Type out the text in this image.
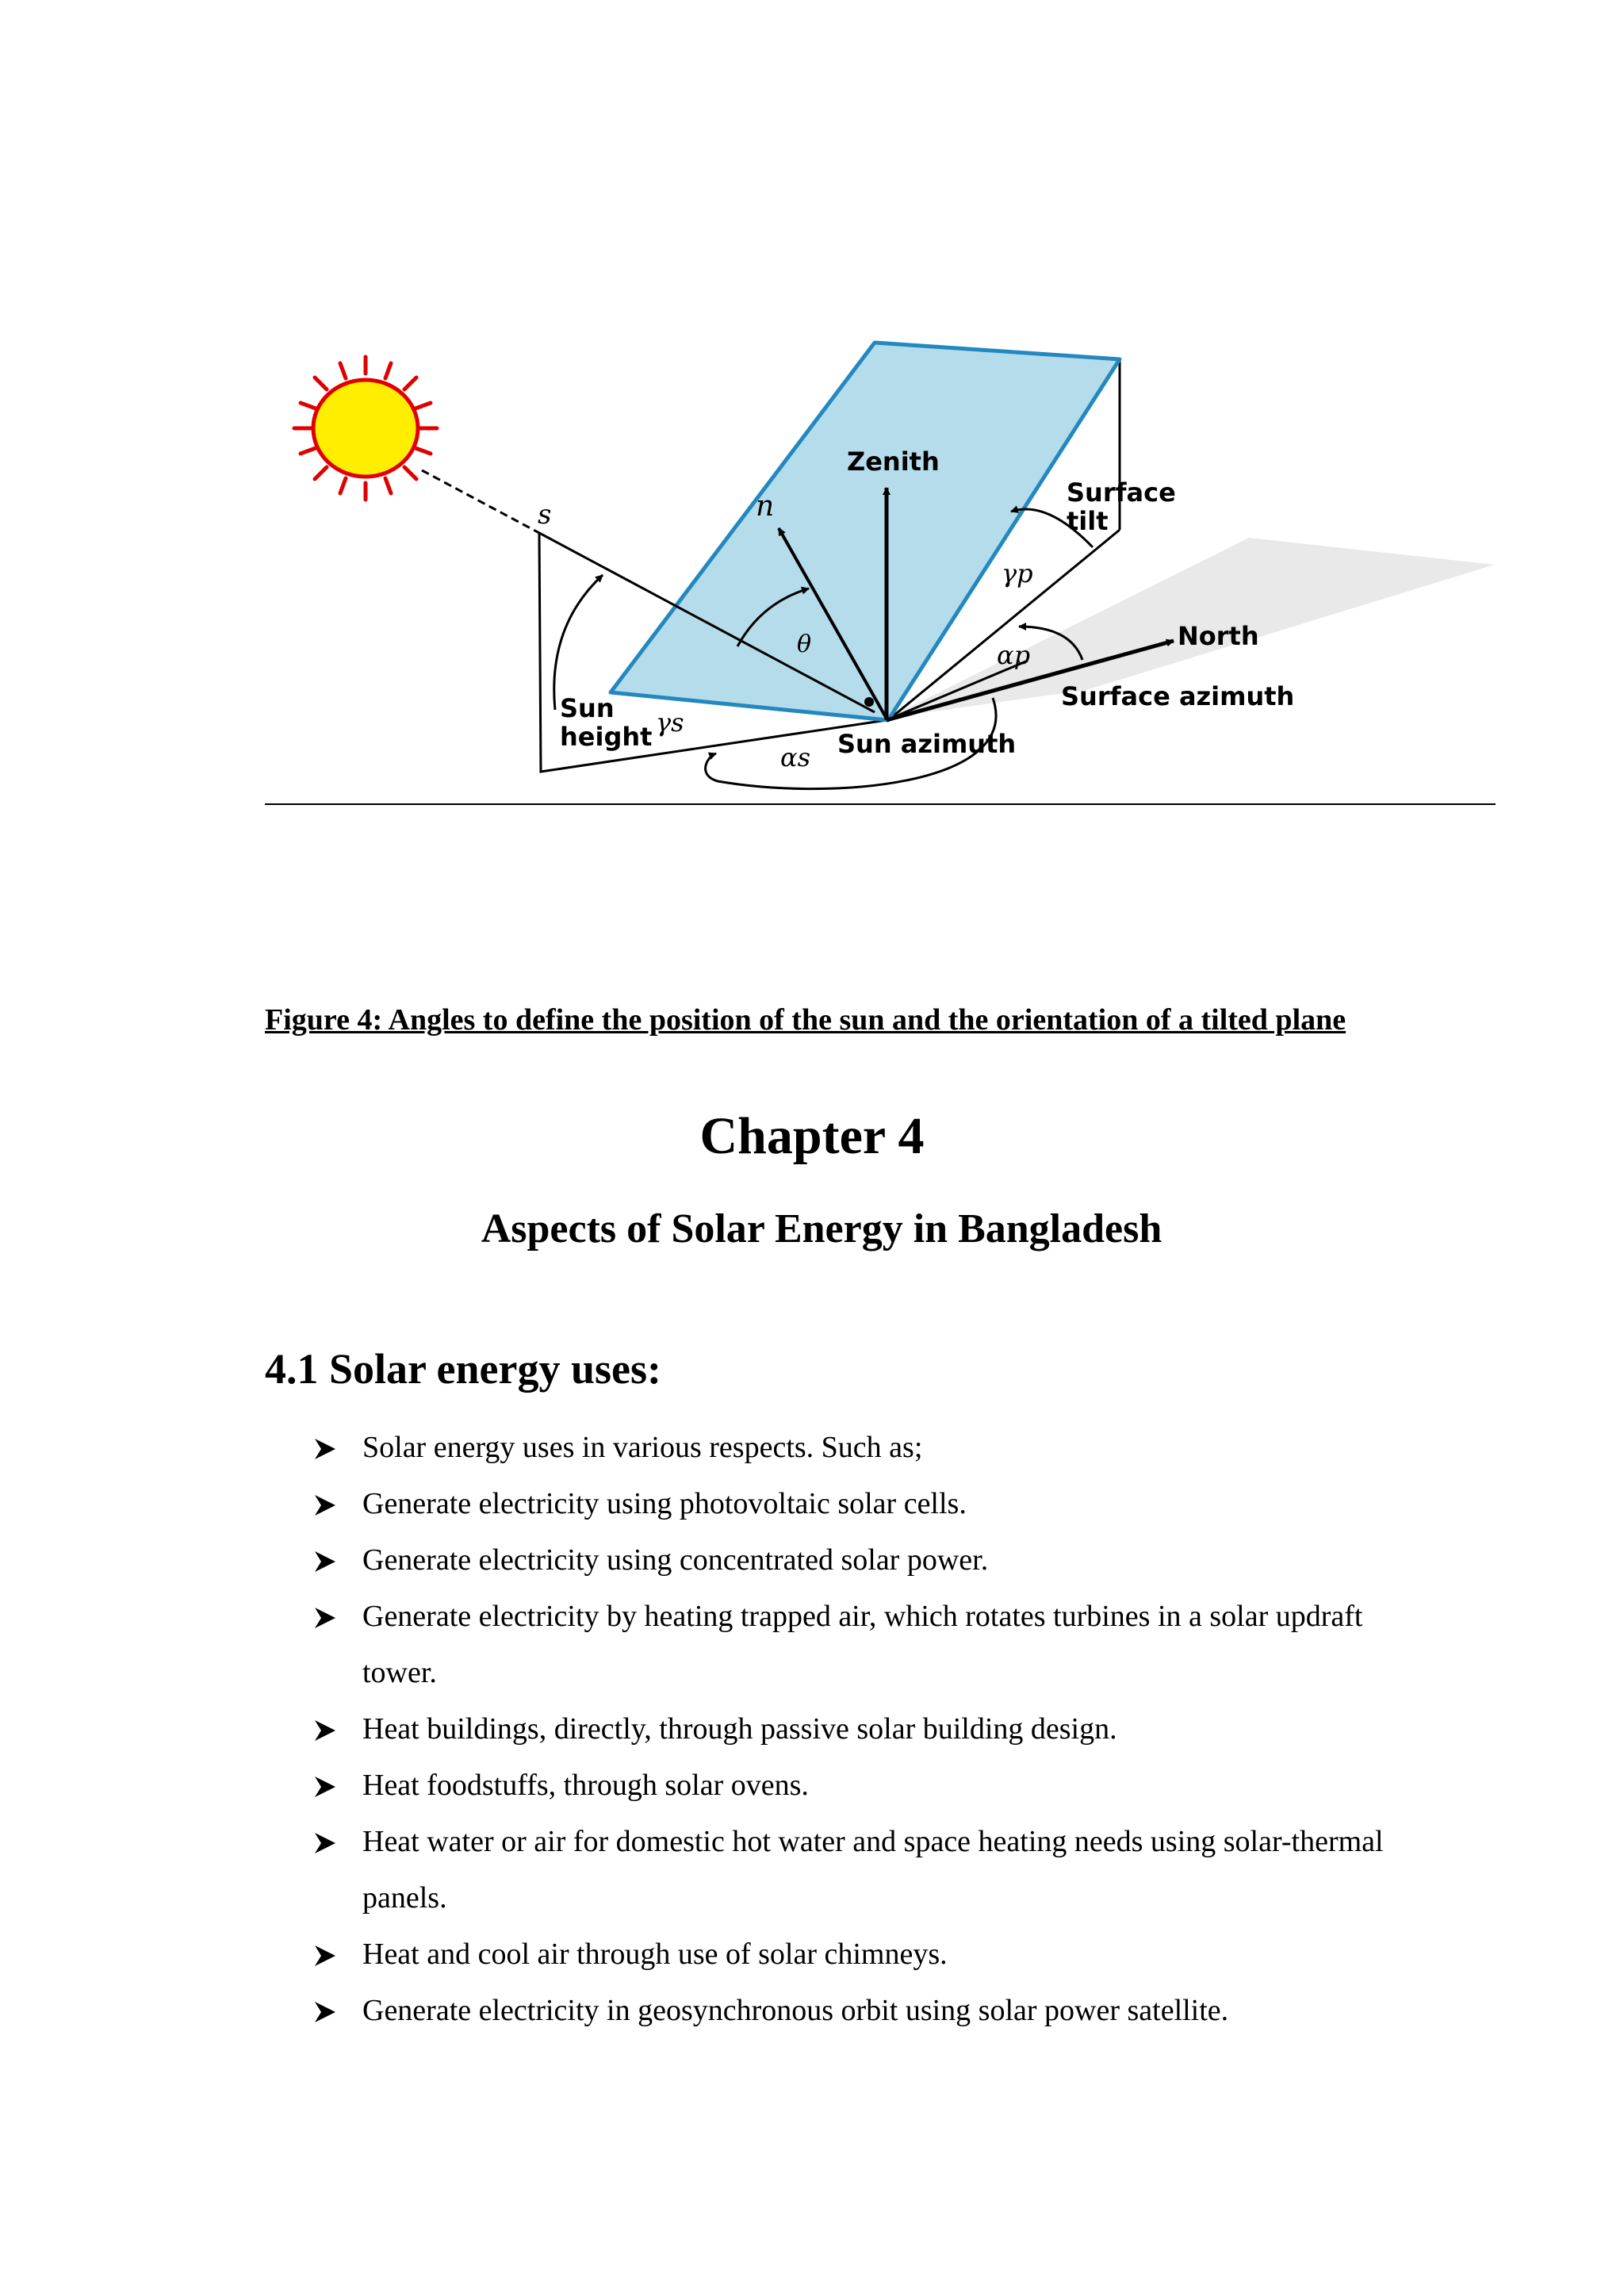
Zenith
Surface
tilt
North
Surface azimuth
Sun azimuth
Sun
height
s	n
θ
γp
αp
γs
αs
Figure 4: Angles to define the position of the sun and the orientation of a tilted plane
Chapter 4
Aspects of Solar Energy in Bangladesh
4.1 Solar energy uses:
Solar energy uses in various respects. Such as;
Generate electricity using photovoltaic solar cells.
Generate electricity using concentrated solar power.
Generate electricity by heating trapped air, which rotates turbines in a solar updraft tower.
Heat buildings, directly, through passive solar building design.
Heat foodstuffs, through solar ovens.
Heat water or air for domestic hot water and space heating needs using solar-thermal panels.
Heat and cool air through use of solar chimneys.
Generate electricity in geosynchronous orbit using solar power satellite.
